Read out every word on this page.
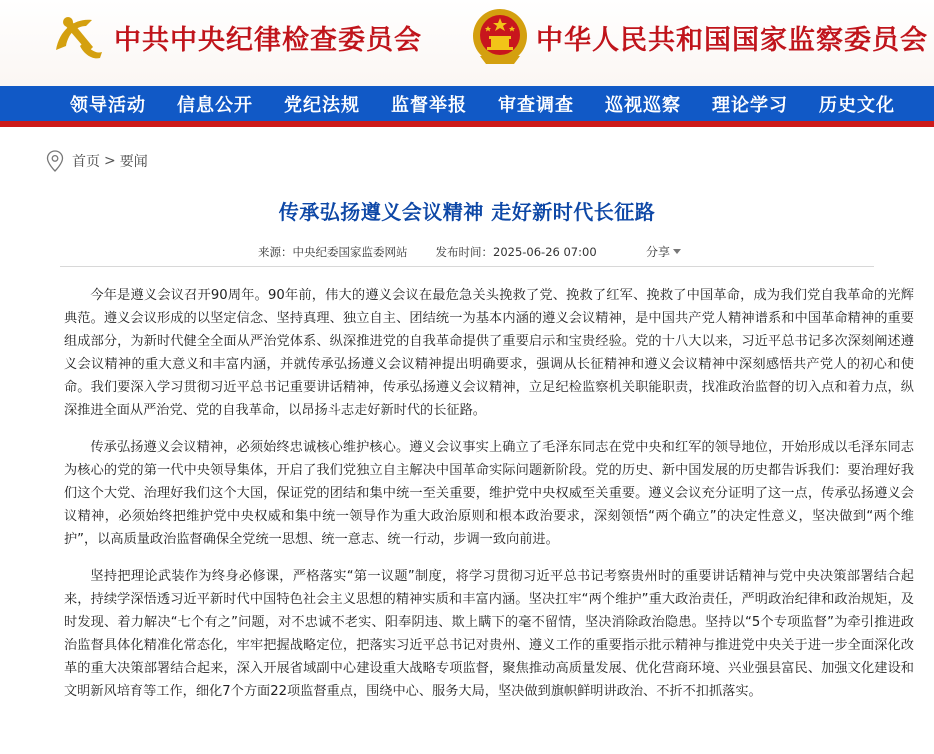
中共中央纪律检查委员会	中华人民共和国国家监察委员会
领导活动 信息公开 党纪法规 监督举报 审查调查 巡视巡察 理论学习 历史文化
首页 > 要闻
传承弘扬遵义会议精神 走好新时代长征路
来源： 中央纪委国家监委网站 发布时间： 2025-06-26 07:00	分享

今年是遵义会议召开90周年。90年前，伟大的遵义会议在最危急关头挽救了党、挽救了红军、挽救了中国革命，成为我们党自我革命的光辉典范。遵义会议形成的以坚定信念、坚持真理、独立自主、团结统一为基本内涵的遵义会议精神，是中国共产党人精神谱系和中国革命精神的重要组成部分，为新时代健全全面从严治党体系、纵深推进党的自我革命提供了重要启示和宝贵经验。党的十八大以来，习近平总书记多次深刻阐述遵义会议精神的重大意义和丰富内涵，并就传承弘扬遵义会议精神提出明确要求，强调从长征精神和遵义会议精神中深刻感悟共产党人的初心和使命。我们要深入学习贯彻习近平总书记重要讲话精神，传承弘扬遵义会议精神，立足纪检监察机关职能职责，找准政治监督的切入点和着力点，纵深推进全面从严治党、党的自我革命，以昂扬斗志走好新时代的长征路。

传承弘扬遵义会议精神，必须始终忠诚核心维护核心。遵义会议事实上确立了毛泽东同志在党中央和红军的领导地位，开始形成以毛泽东同志为核心的党的第一代中央领导集体，开启了我们党独立自主解决中国革命实际问题新阶段。党的历史、新中国发展的历史都告诉我们：要治理好我们这个大党、治理好我们这个大国，保证党的团结和集中统一至关重要，维护党中央权威至关重要。遵义会议充分证明了这一点，传承弘扬遵义会议精神，必须始终把维护党中央权威和集中统一领导作为重大政治原则和根本政治要求，深刻领悟“两个确立”的决定性意义，坚决做到“两个维护”，以高质量政治监督确保全党统一思想、统一意志、统一行动，步调一致向前进。

坚持把理论武装作为终身必修课，严格落实“第一议题”制度，将学习贯彻习近平总书记考察贵州时的重要讲话精神与党中央决策部署结合起来，持续学深悟透习近平新时代中国特色社会主义思想的精神实质和丰富内涵。坚决扛牢“两个维护”重大政治责任，严明政治纪律和政治规矩，及时发现、着力解决“七个有之”问题，对不忠诚不老实、阳奉阴违、欺上瞒下的毫不留情，坚决消除政治隐患。坚持以“5个专项监督”为牵引推进政治监督具体化精准化常态化，牢牢把握战略定位，把落实习近平总书记对贵州、遵义工作的重要指示批示精神与推进党中央关于进一步全面深化改革的重大决策部署结合起来，深入开展省域副中心建设重大战略专项监督，聚焦推动高质量发展、优化营商环境、兴业强县富民、加强文化建设和文明新风培育等工作，细化7个方面22项监督重点，围绕中心、服务大局，坚决做到旗帜鲜明讲政治、不折不扣抓落实。
